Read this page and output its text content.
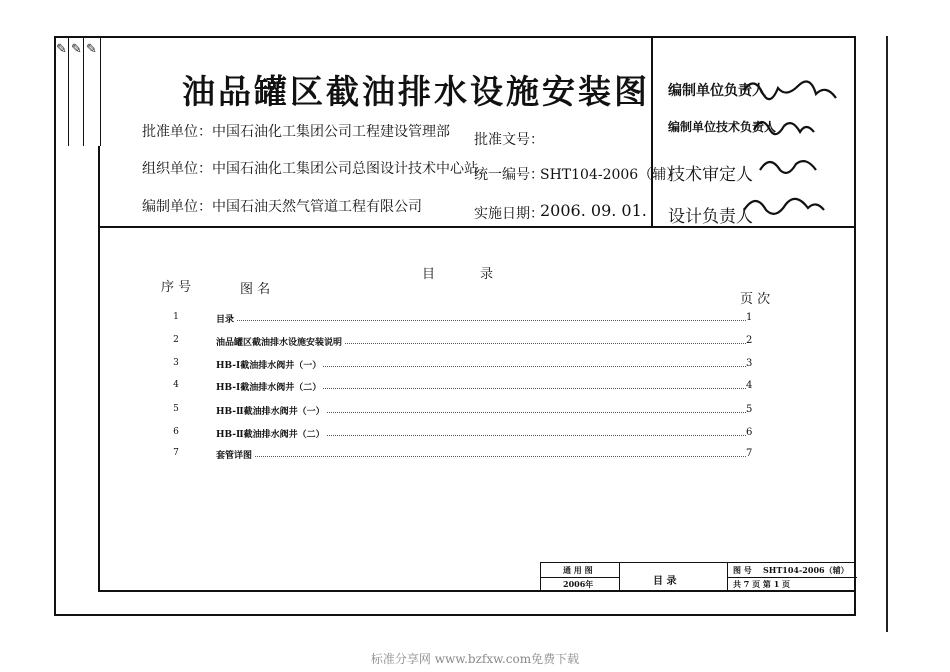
✎ ✎ ✎
油品罐区截油排水设施安装图
批准单位：中国石油化工集团公司工程建设管理部
组织单位：中国石油化工集团公司总图设计技术中心站
编制单位：中国石油天然气管道工程有限公司
批准文号：
统一编号：
SHT104-2006（辅）
实施日期：
2006. 09. 01.
编制单位负责人
编制单位技术负责人
技术审定人
设计负责人
目	录
序 号	图 名
页 次
1	目录	1
2	油品罐区截油排水设施安装说明	2
3	HB-Ⅰ截油排水阀井（一）	3
4	HB-Ⅰ截油排水阀井（二）	4
5	HB-Ⅱ截油排水阀井（一）	5
6	HB-Ⅱ截油排水阀井（二）	6
7	套管详图	7
通 用 图
2006年	目 录
图 号 SHT104-2006（辅）
共 7 页 第 1 页
标准分享网 www.bzfxw.com免费下载
